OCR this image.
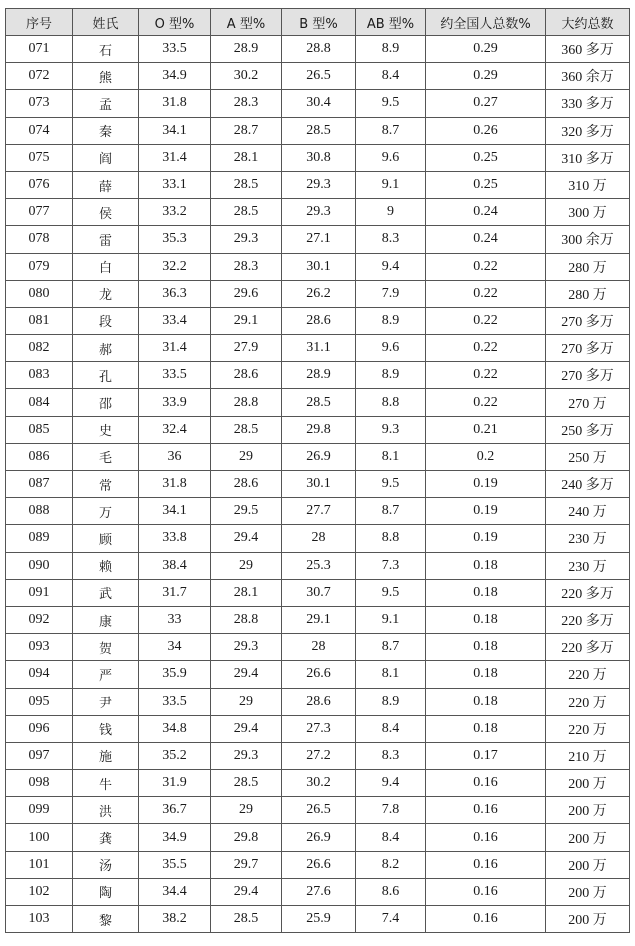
序号	姓氏	O 型%	A 型%	B 型%	AB 型%	约全国人总数%	大约总数
071	石	33.5	28.9	28.8	8.9	0.29	360 多万
072	熊	34.9	30.2	26.5	8.4	0.29	360 余万
073	孟	31.8	28.3	30.4	9.5	0.27	330 多万
074	秦	34.1	28.7	28.5	8.7	0.26	320 多万
075	阎	31.4	28.1	30.8	9.6	0.25	310 多万
076	薛	33.1	28.5	29.3	9.1	0.25	310 万
077	侯	33.2	28.5	29.3	9	0.24	300 万
078	雷	35.3	29.3	27.1	8.3	0.24	300 余万
079	白	32.2	28.3	30.1	9.4	0.22	280 万
080	龙	36.3	29.6	26.2	7.9	0.22	280 万
081	段	33.4	29.1	28.6	8.9	0.22	270 多万
082	郝	31.4	27.9	31.1	9.6	0.22	270 多万
083	孔	33.5	28.6	28.9	8.9	0.22	270 多万
084	邵	33.9	28.8	28.5	8.8	0.22	270 万
085	史	32.4	28.5	29.8	9.3	0.21	250 多万
086	毛	36	29	26.9	8.1	0.2	250 万
087	常	31.8	28.6	30.1	9.5	0.19	240 多万
088	万	34.1	29.5	27.7	8.7	0.19	240 万
089	顾	33.8	29.4	28	8.8	0.19	230 万
090	赖	38.4	29	25.3	7.3	0.18	230 万
091	武	31.7	28.1	30.7	9.5	0.18	220 多万
092	康	33	28.8	29.1	9.1	0.18	220 多万
093	贺	34	29.3	28	8.7	0.18	220 多万
094	严	35.9	29.4	26.6	8.1	0.18	220 万
095	尹	33.5	29	28.6	8.9	0.18	220 万
096	钱	34.8	29.4	27.3	8.4	0.18	220 万
097	施	35.2	29.3	27.2	8.3	0.17	210 万
098	牛	31.9	28.5	30.2	9.4	0.16	200 万
099	洪	36.7	29	26.5	7.8	0.16	200 万
100	龚	34.9	29.8	26.9	8.4	0.16	200 万
101	汤	35.5	29.7	26.6	8.2	0.16	200 万
102	陶	34.4	29.4	27.6	8.6	0.16	200 万
103	黎	38.2	28.5	25.9	7.4	0.16	200 万
